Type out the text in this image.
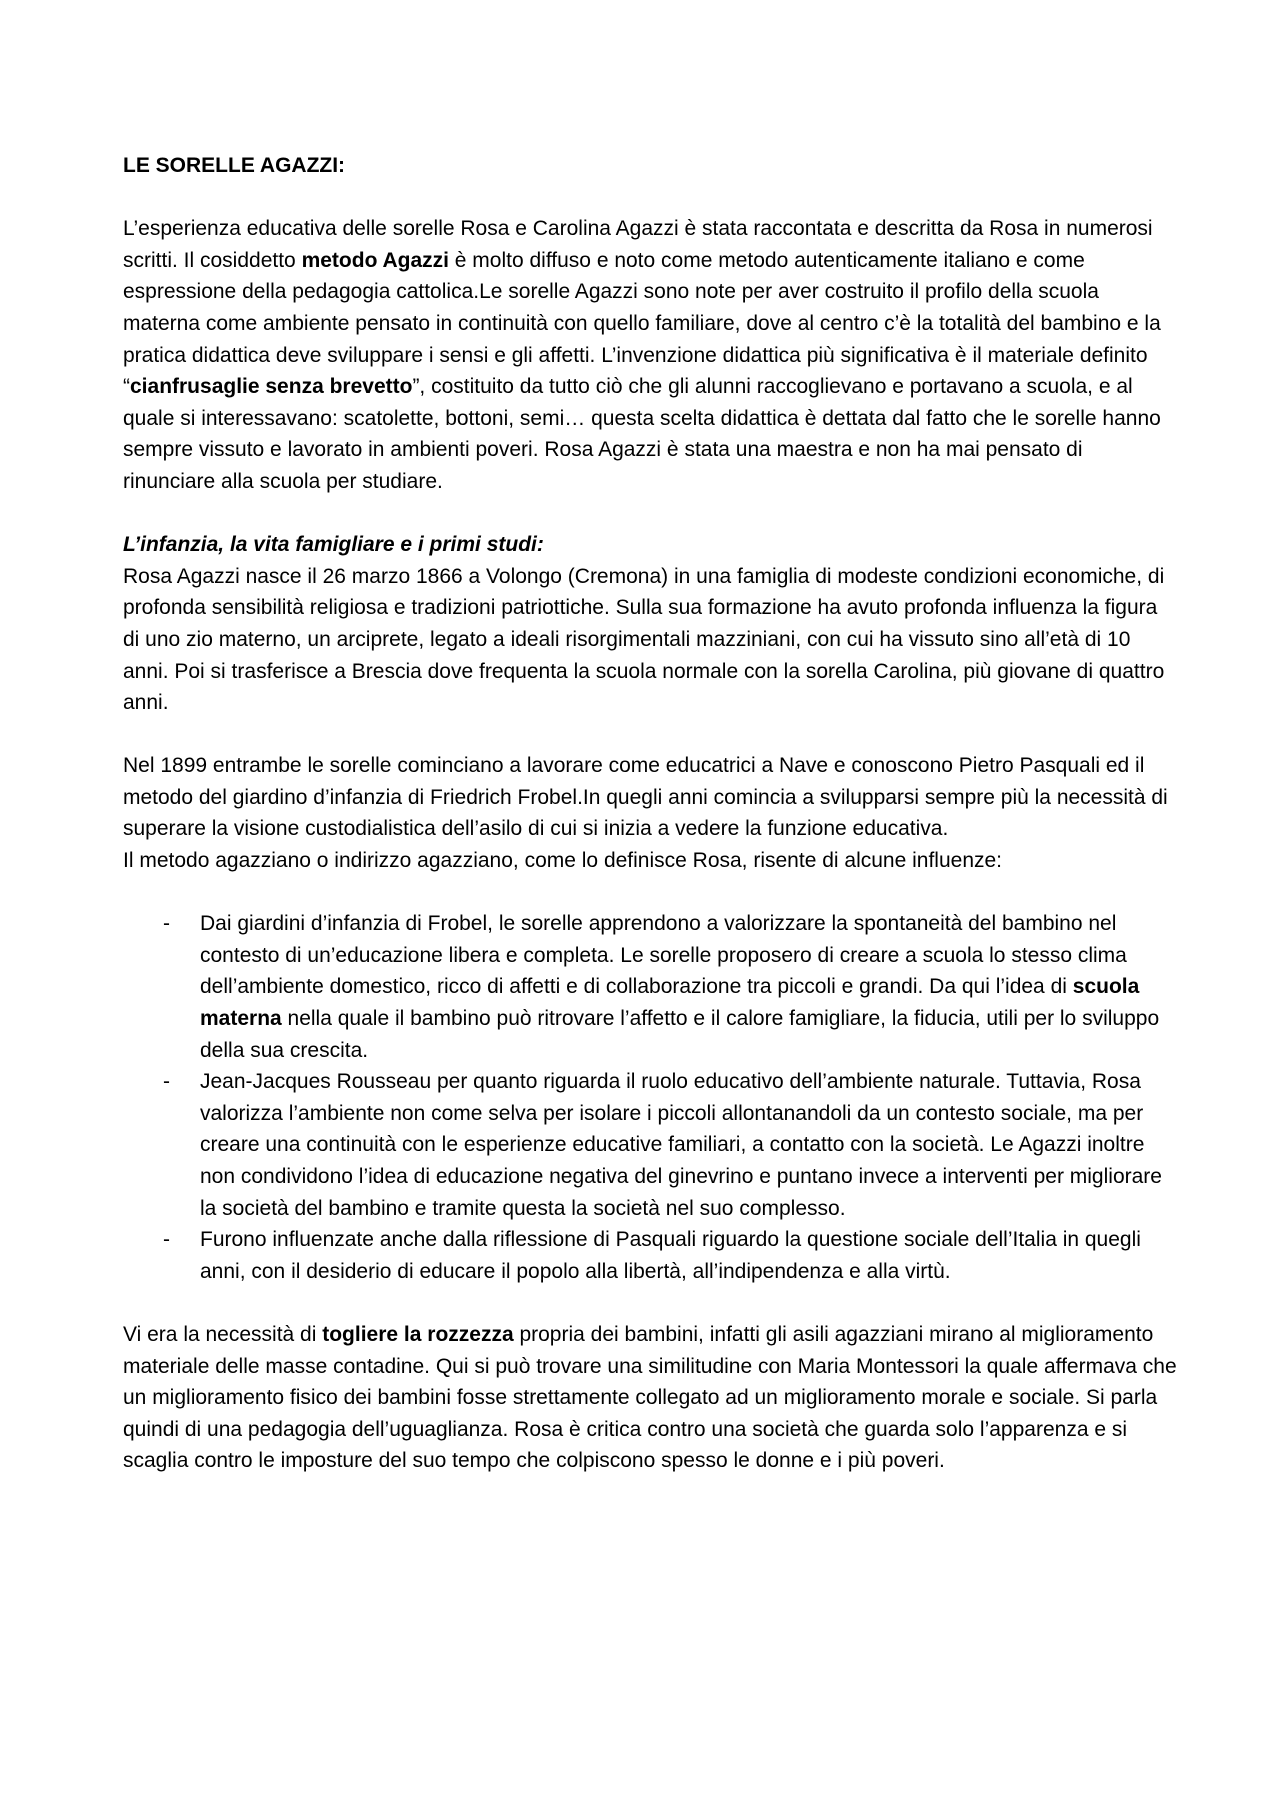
LE SORELLE AGAZZI:

L’esperienza educativa delle sorelle Rosa e Carolina Agazzi è stata raccontata e descritta da Rosa in numerosi scritti. Il cosiddetto metodo Agazzi è molto diffuso e noto come metodo autenticamente italiano e come espressione della pedagogia cattolica.Le sorelle Agazzi sono note per aver costruito il profilo della scuola materna come ambiente pensato in continuità con quello familiare, dove al centro c’è la totalità del bambino e la pratica didattica deve sviluppare i sensi e gli affetti. L’invenzione didattica più significativa è il materiale definito “cianfrusaglie senza brevetto”, costituito da tutto ciò che gli alunni raccoglievano e portavano a scuola, e al quale si interessavano: scatolette, bottoni, semi… questa scelta didattica è dettata dal fatto che le sorelle hanno sempre vissuto e lavorato in ambienti poveri. Rosa Agazzi è stata una maestra e non ha mai pensato di rinunciare alla scuola per studiare.

L’infanzia, la vita famigliare e i primi studi:

Rosa Agazzi nasce il 26 marzo 1866 a Volongo (Cremona) in una famiglia di modeste condizioni economiche, di profonda sensibilità religiosa e tradizioni patriottiche. Sulla sua formazione ha avuto profonda influenza la figura di uno zio materno, un arciprete, legato a ideali risorgimentali mazziniani, con cui ha vissuto sino all’età di 10 anni. Poi si trasferisce a Brescia dove frequenta la scuola normale con la sorella Carolina, più giovane di quattro anni.

Nel 1899 entrambe le sorelle cominciano a lavorare come educatrici a Nave e conoscono Pietro Pasquali ed il metodo del giardino d’infanzia di Friedrich Frobel.In quegli anni comincia a svilupparsi sempre più la necessità di superare la visione custodialistica dell’asilo di cui si inizia a vedere la funzione educativa.

Il metodo agazziano o indirizzo agazziano, come lo definisce Rosa, risente di alcune influenze:

- Dai giardini d’infanzia di Frobel, le sorelle apprendono a valorizzare la spontaneità del bambino nel contesto di un’educazione libera e completa. Le sorelle proposero di creare a scuola lo stesso clima dell’ambiente domestico, ricco di affetti e di collaborazione tra piccoli e grandi. Da qui l’idea di scuola materna nella quale il bambino può ritrovare l’affetto e il calore famigliare, la fiducia, utili per lo sviluppo della sua crescita.
- Jean-Jacques Rousseau per quanto riguarda il ruolo educativo dell’ambiente naturale. Tuttavia, Rosa valorizza l’ambiente non come selva per isolare i piccoli allontanandoli da un contesto sociale, ma per creare una continuità con le esperienze educative familiari, a contatto con la società. Le Agazzi inoltre non condividono l’idea di educazione negativa del ginevrino e puntano invece a interventi per migliorare la società del bambino e tramite questa la società nel suo complesso.
- Furono influenzate anche dalla riflessione di Pasquali riguardo la questione sociale dell’Italia in quegli anni, con il desiderio di educare il popolo alla libertà, all’indipendenza e alla virtù.

Vi era la necessità di togliere la rozzezza propria dei bambini, infatti gli asili agazziani mirano al miglioramento materiale delle masse contadine. Qui si può trovare una similitudine con Maria Montessori la quale affermava che un miglioramento fisico dei bambini fosse strettamente collegato ad un miglioramento morale e sociale. Si parla quindi di una pedagogia dell’uguaglianza. Rosa è critica contro una società che guarda solo l’apparenza e si scaglia contro le imposture del suo tempo che colpiscono spesso le donne e i più poveri.
